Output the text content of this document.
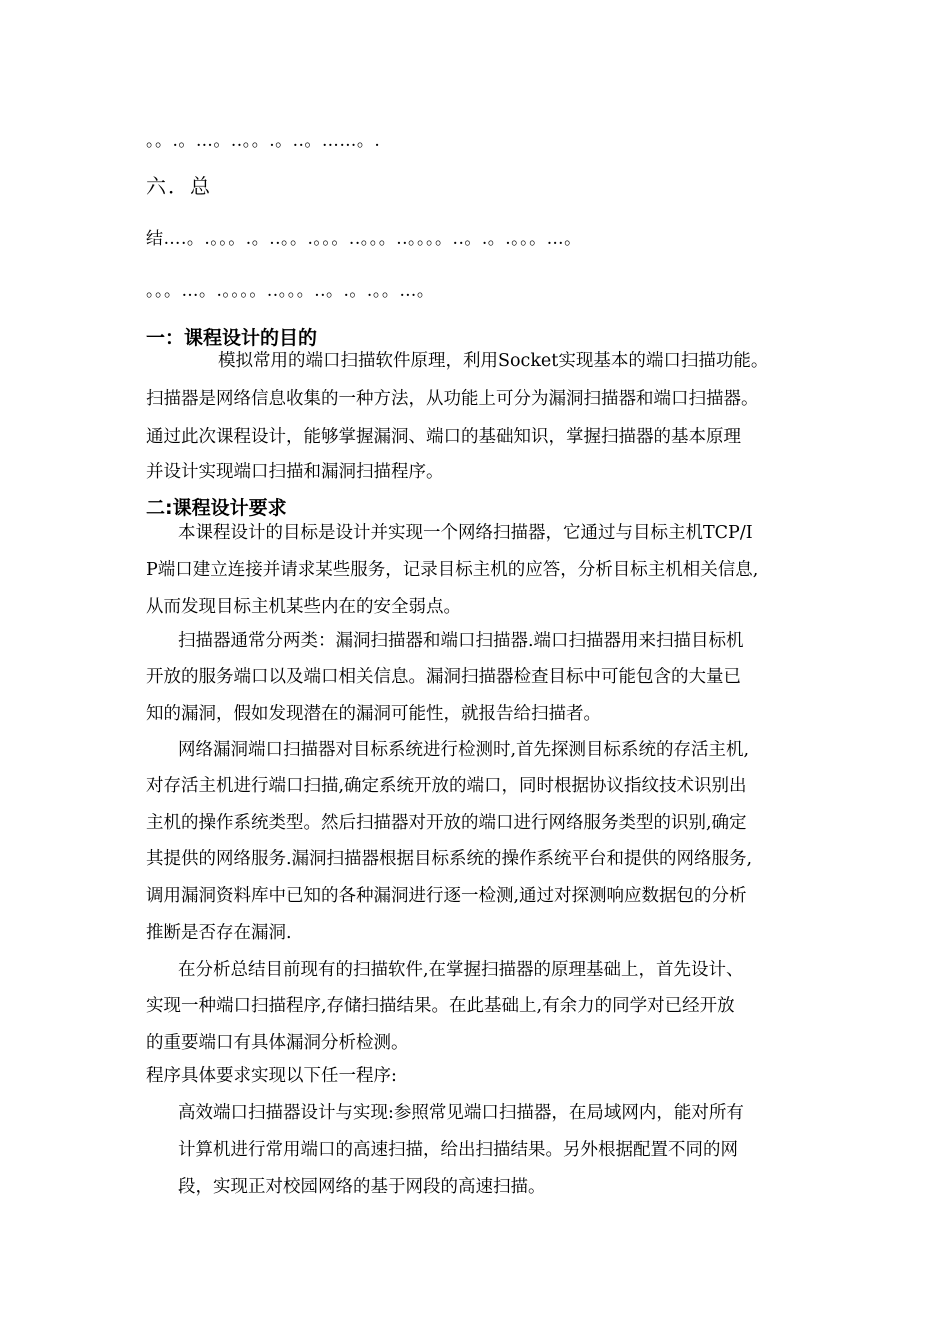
。。.。…。..。。.。..。……。.
六．总
结….。.。。。.。..。。.。。。..。。。..。。。。..。.。.。。。…。
。。。…。.。。。。..。。。..。.。.。。…。
一：课程设计的目的
模拟常用的端口扫描软件原理，利用Socket实现基本的端口扫描功能。
扫描器是网络信息收集的一种方法，从功能上可分为漏洞扫描器和端口扫描器。
通过此次课程设计，能够掌握漏洞、端口的基础知识，掌握扫描器的基本原理
并设计实现端口扫描和漏洞扫描程序。
二:课程设计要求
本课程设计的目标是设计并实现一个网络扫描器，它通过与目标主机TCP/I
P端口建立连接并请求某些服务，记录目标主机的应答，分析目标主机相关信息,
从而发现目标主机某些内在的安全弱点。
扫描器通常分两类：漏洞扫描器和端口扫描器.端口扫描器用来扫描目标机
开放的服务端口以及端口相关信息。漏洞扫描器检查目标中可能包含的大量已
知的漏洞，假如发现潜在的漏洞可能性，就报告给扫描者。
网络漏洞端口扫描器对目标系统进行检测时,首先探测目标系统的存活主机,
对存活主机进行端口扫描,确定系统开放的端口，同时根据协议指纹技术识别出
主机的操作系统类型。然后扫描器对开放的端口进行网络服务类型的识别,确定
其提供的网络服务.漏洞扫描器根据目标系统的操作系统平台和提供的网络服务,
调用漏洞资料库中已知的各种漏洞进行逐一检测,通过对探测响应数据包的分析
推断是否存在漏洞.
在分析总结目前现有的扫描软件,在掌握扫描器的原理基础上，首先设计、
实现一种端口扫描程序,存储扫描结果。在此基础上,有余力的同学对已经开放
的重要端口有具体漏洞分析检测。
程序具体要求实现以下任一程序:
高效端口扫描器设计与实现:参照常见端口扫描器，在局域网内，能对所有
计算机进行常用端口的高速扫描，给出扫描结果。另外根据配置不同的网
段，实现正对校园网络的基于网段的高速扫描。
